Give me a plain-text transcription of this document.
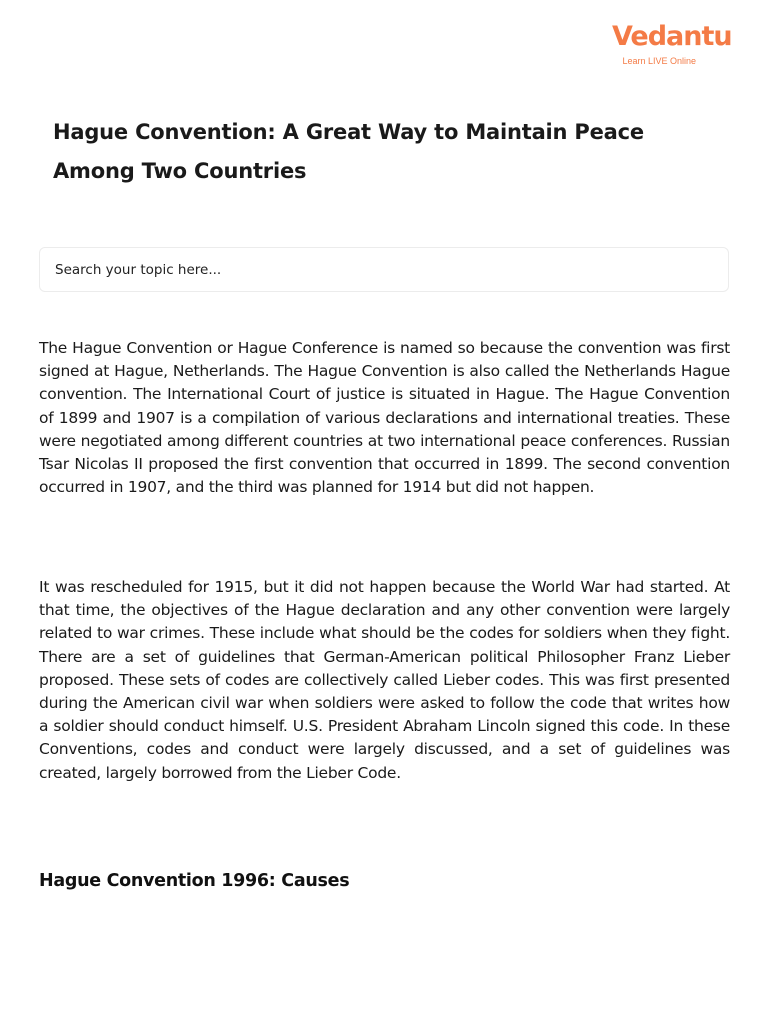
Vedantu
Learn LIVE Online
Hague Convention: A Great Way to Maintain Peace Among Two Countries
Search your topic here...

The Hague Convention or Hague Conference is named so because the convention was first signed at Hague, Netherlands. The Hague Convention is also called the Netherlands Hague convention. The International Court of justice is situated in Hague. The Hague Convention of 1899 and 1907 is a compilation of various declarations and international treaties. These were negotiated among different countries at two international peace conferences. Russian Tsar Nicolas II proposed the first convention that occurred in 1899. The second convention occurred in 1907, and the third was planned for 1914 but did not happen.

It was rescheduled for 1915, but it did not happen because the World War had started. At that time, the objectives of the Hague declaration and any other convention were largely related to war crimes. These include what should be the codes for soldiers when they fight. There are a set of guidelines that German-American political Philosopher Franz Lieber proposed. These sets of codes are collectively called Lieber codes. This was first presented during the American civil war when soldiers were asked to follow the code that writes how a soldier should conduct himself. U.S. President Abraham Lincoln signed this code. In these Conventions, codes and conduct were largely discussed, and a set of guidelines was created, largely borrowed from the Lieber Code.

Hague Convention 1996: Causes
